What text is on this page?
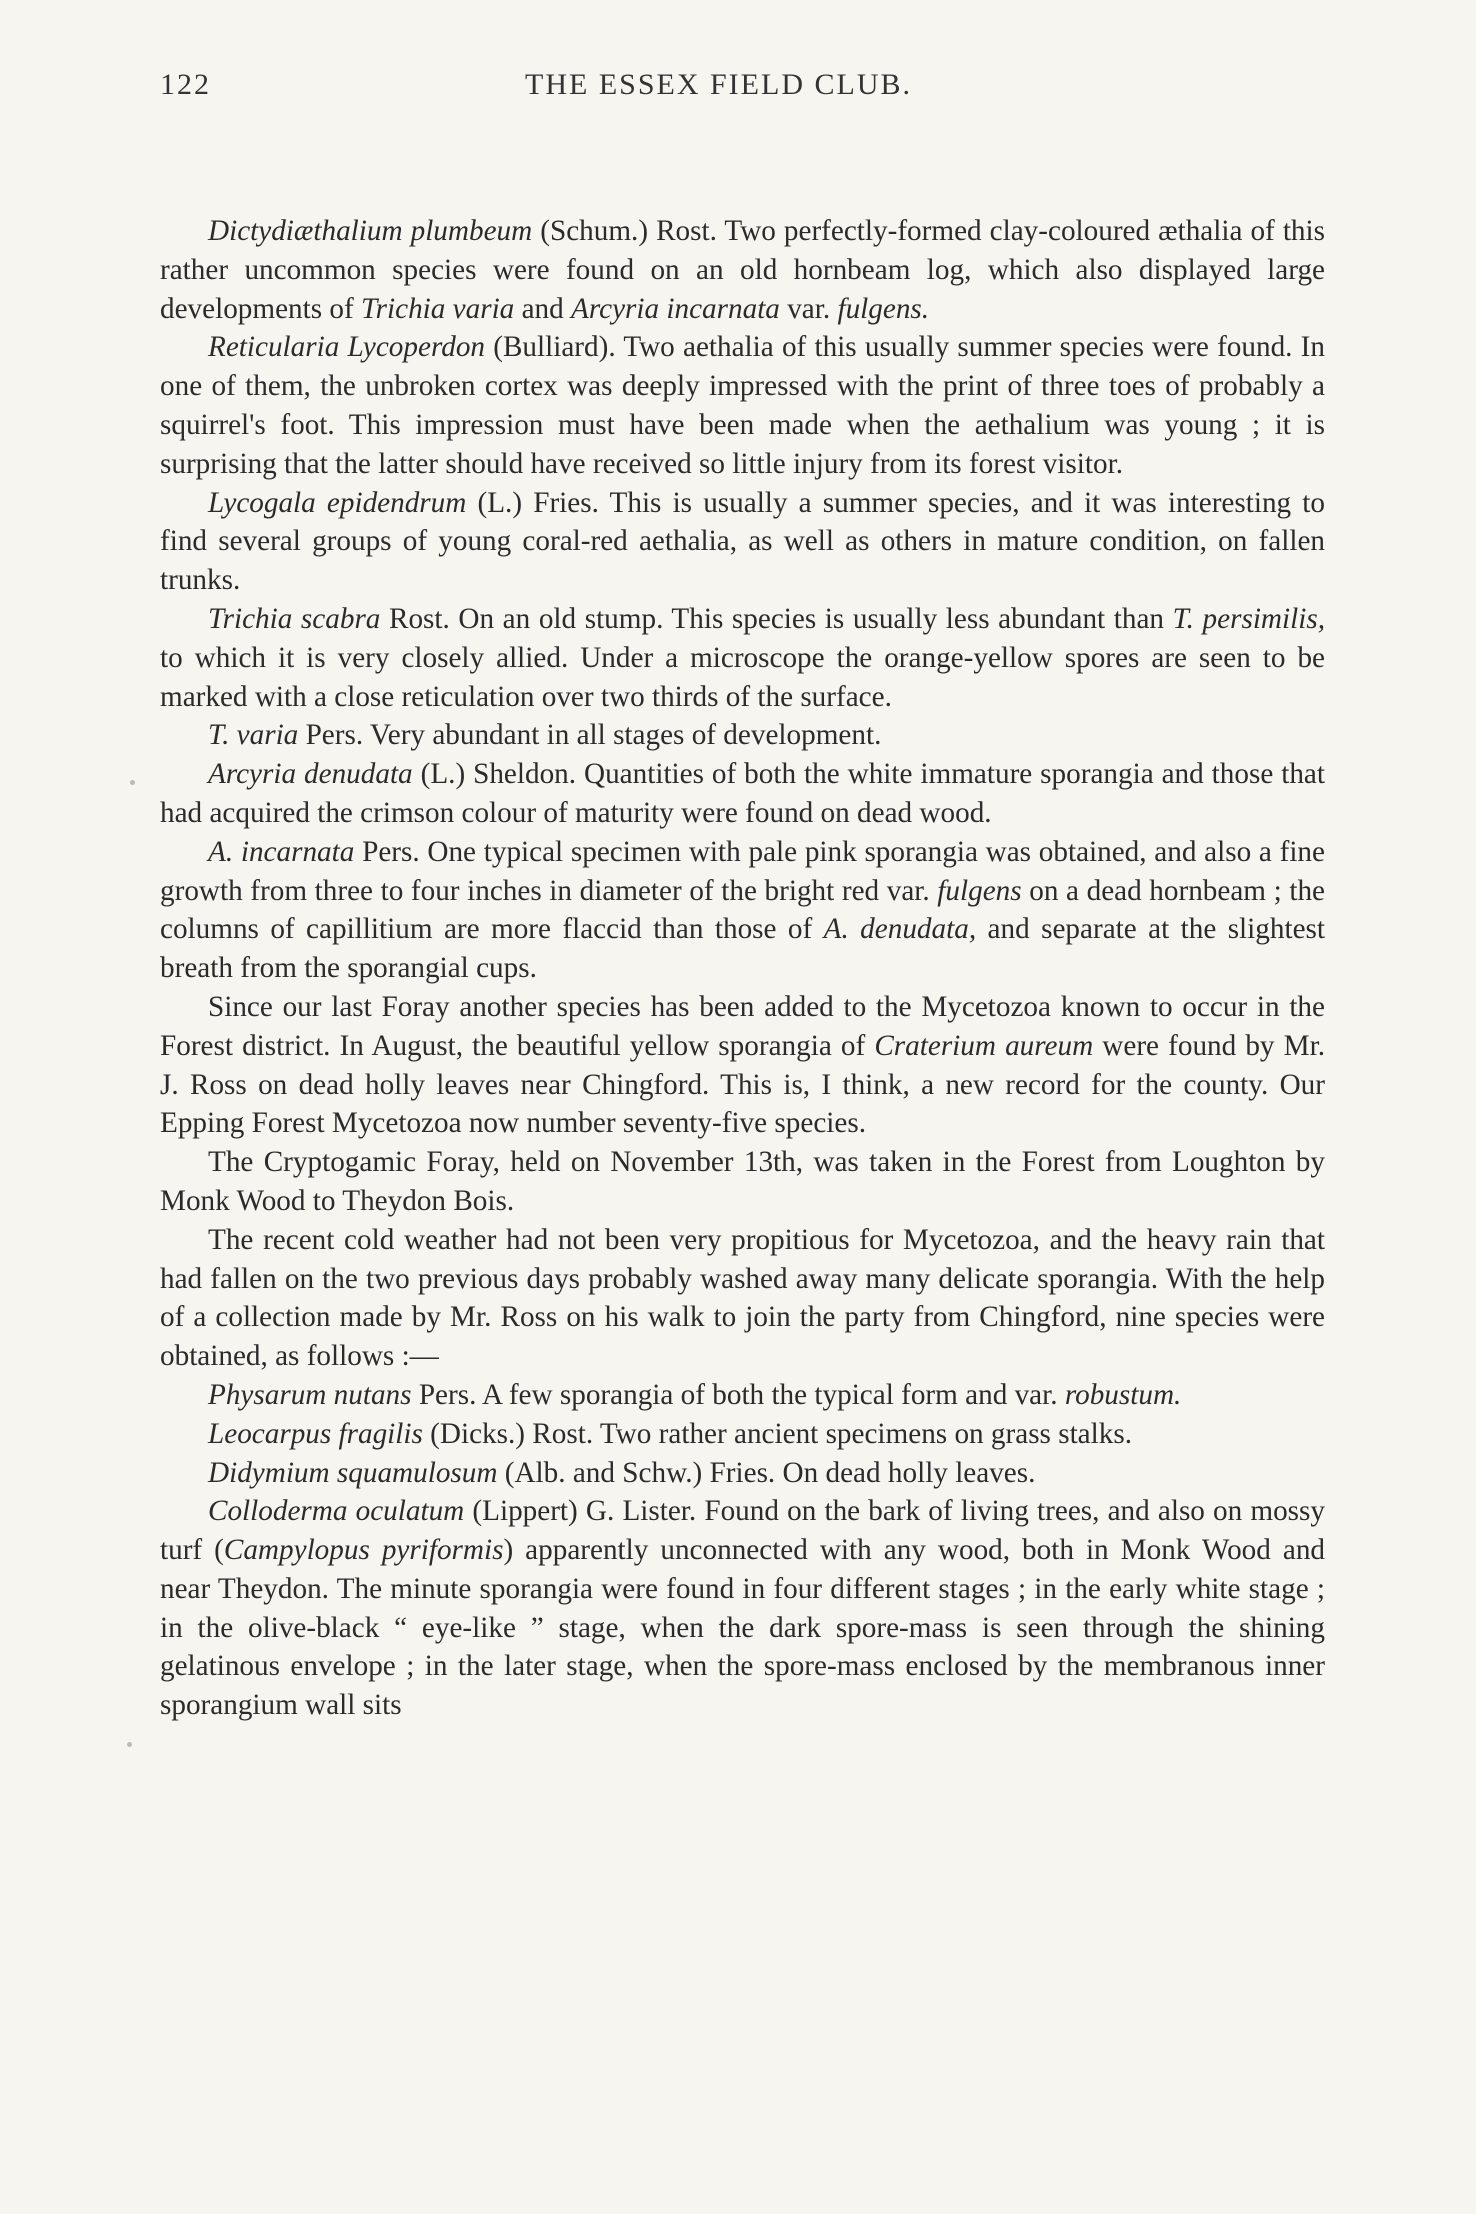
122	THE ESSEX FIELD CLUB.

Dictydiæthalium plumbeum (Schum.) Rost. Two perfectly-formed clay-coloured æthalia of this rather uncommon species were found on an old hornbeam log, which also displayed large developments of Trichia varia and Arcyria incarnata var. fulgens.

Reticularia Lycoperdon (Bulliard). Two aethalia of this usually summer species were found. In one of them, the unbroken cortex was deeply impressed with the print of three toes of probably a squirrel's foot. This impression must have been made when the aethalium was young ; it is surprising that the latter should have received so little injury from its forest visitor.

Lycogala epidendrum (L.) Fries. This is usually a summer species, and it was interesting to find several groups of young coral-red aethalia, as well as others in mature condition, on fallen trunks.

Trichia scabra Rost. On an old stump. This species is usually less abundant than T. persimilis, to which it is very closely allied. Under a microscope the orange-yellow spores are seen to be marked with a close reticulation over two thirds of the surface.

T. varia Pers. Very abundant in all stages of development.

Arcyria denudata (L.) Sheldon. Quantities of both the white immature sporangia and those that had acquired the crimson colour of maturity were found on dead wood.

A. incarnata Pers. One typical specimen with pale pink sporangia was obtained, and also a fine growth from three to four inches in diameter of the bright red var. fulgens on a dead hornbeam ; the columns of capillitium are more flaccid than those of A. denudata, and separate at the slightest breath from the sporangial cups.

Since our last Foray another species has been added to the Mycetozoa known to occur in the Forest district. In August, the beautiful yellow sporangia of Craterium aureum were found by Mr. J. Ross on dead holly leaves near Chingford. This is, I think, a new record for the county. Our Epping Forest Mycetozoa now number seventy-five species.

The Cryptogamic Foray, held on November 13th, was taken in the Forest from Loughton by Monk Wood to Theydon Bois.

The recent cold weather had not been very propitious for Mycetozoa, and the heavy rain that had fallen on the two previous days probably washed away many delicate sporangia. With the help of a collection made by Mr. Ross on his walk to join the party from Chingford, nine species were obtained, as follows :—

Physarum nutans Pers. A few sporangia of both the typical form and var. robustum.

Leocarpus fragilis (Dicks.) Rost. Two rather ancient specimens on grass stalks.

Didymium squamulosum (Alb. and Schw.) Fries. On dead holly leaves.

Colloderma oculatum (Lippert) G. Lister. Found on the bark of living trees, and also on mossy turf (Campylopus pyriformis) apparently unconnected with any wood, both in Monk Wood and near Theydon. The minute sporangia were found in four different stages ; in the early white stage ; in the olive-black “ eye-like ” stage, when the dark spore-mass is seen through the shining gelatinous envelope ; in the later stage, when the spore-mass enclosed by the membranous inner sporangium wall sits
